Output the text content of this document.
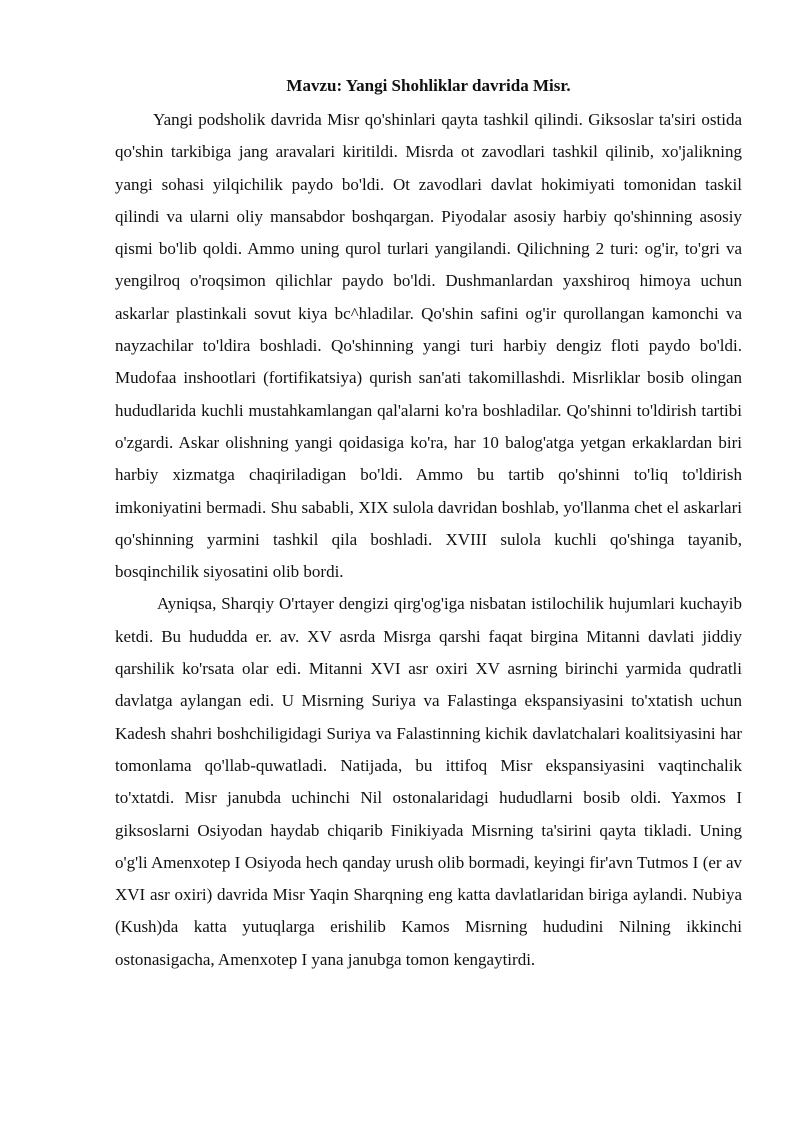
Mavzu: Yangi Shohliklar davrida Misr.

Yangi podsholik davrida Misr qo'shinlari qayta tashkil qilindi. Giksoslar ta'siri ostida qo'shin tarkibiga jang aravalari kiritildi. Misrda ot zavodlari tashkil qilinib, xo'jalikning yangi sohasi yilqichilik paydo bo'ldi. Ot zavodlari davlat hokimiyati tomonidan taskil qilindi va ularni oliy mansabdor boshqargan. Piyodalar asosiy harbiy qo'shinning asosiy qismi bo'lib qoldi. Ammo uning qurol turlari yangilandi. Qilichning 2 turi: og'ir, to'gri va yengilroq o'roqsimon qilichlar paydo bo'ldi. Dushmanlardan yaxshiroq himoya uchun askarlar plastinkali sovut kiya bc^hladilar. Qo'shin safini og'ir qurollangan kamonchi va nayzachilar to'ldira boshladi. Qo'shinning yangi turi harbiy dengiz floti paydo bo'ldi. Mudofaa inshootlari (fortifikatsiya) qurish san'ati takomillashdi. Misrliklar bosib olingan hududlarida kuchli mustahkamlangan qal'alarni ko'ra boshladilar. Qo'shinni to'ldirish tartibi o'zgardi. Askar olishning yangi qoidasiga ko'ra, har 10 balog'atga yetgan erkaklardan biri harbiy xizmatga chaqiriladigan bo'ldi. Ammo bu tartib qo'shinni to'liq to'ldirish imkoniyatini bermadi. Shu sababli, XIX sulola davridan boshlab, yo'llanma chet el askarlari qo'shinning yarmini tashkil qila boshladi. XVIII sulola kuchli qo'shinga tayanib, bosqinchilik siyosatini olib bordi.

Ayniqsa, Sharqiy O'rtayer dengizi qirg'og'iga nisbatan istilochilik hujumlari kuchayib ketdi. Bu hududda er. av. XV asrda Misrga qarshi faqat birgina Mitanni davlati jiddiy qarshilik ko'rsata olar edi. Mitanni XVI asr oxiri XV asrning birinchi yarmida qudratli davlatga aylangan edi. U Misrning Suriya va Falastinga ekspansiyasini to'xtatish uchun Kadesh shahri boshchiligidagi Suriya va Falastinning kichik davlatchalari koalitsiyasini har tomonlama qo'llab-quwatladi. Natijada, bu ittifoq Misr ekspansiyasini vaqtinchalik to'xtatdi. Misr janubda uchinchi Nil ostonalaridagi hududlarni bosib oldi. Yaxmos I giksoslarni Osiyodan haydab chiqarib Finikiyada Misrning ta'sirini qayta tikladi. Uning o'g'li Amenxotep I Osiyoda hech qanday urush olib bormadi, keyingi fir'avn Tutmos I (er av XVI asr oxiri) davrida Misr Yaqin Sharqning eng katta davlatlaridan biriga aylandi. Nubiya (Kush)da katta yutuqlarga erishilib Kamos Misrning hududini Nilning ikkinchi ostonasigacha, Amenxotep I yana janubga tomon kengaytirdi.
